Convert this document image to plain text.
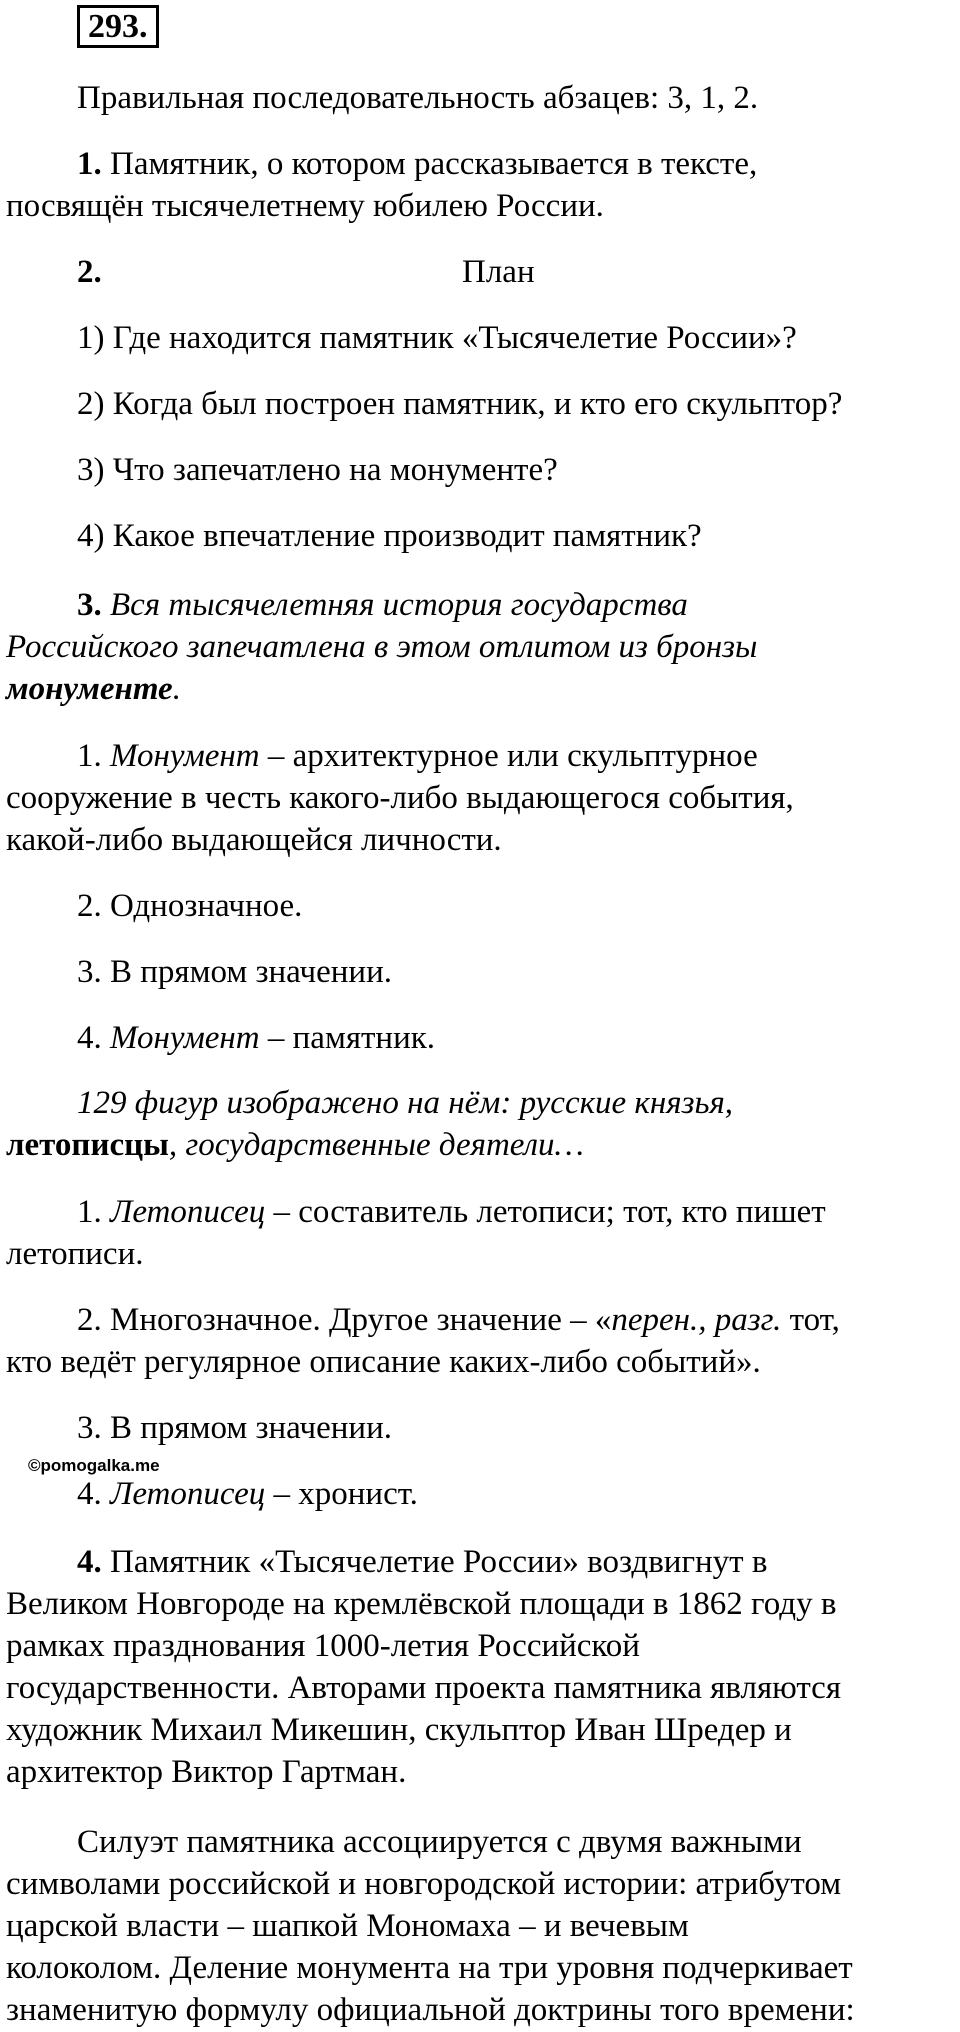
293.
Правильная последовательность абзацев: 3, 1, 2.
1. Памятник, о котором рассказывается в тексте,
посвящён тысячелетнему юбилею России.
2.	План
1) Где находится памятник «Тысячелетие России»?
2) Когда был построен памятник, и кто его скульптор?
3) Что запечатлено на монументе?
4) Какое впечатление производит памятник?
3. Вся тысячелетняя история государства
Российского запечатлена в этом отлитом из бронзы
монументе.
1. Монумент – архитектурное или скульптурное
сооружение в честь какого-либо выдающегося события,
какой-либо выдающейся личности.
2. Однозначное.
3. В прямом значении.
4. Монумент – памятник.
129 фигур изображено на нём: русские князья,
летописцы, государственные деятели…
1. Летописец – составитель летописи; тот, кто пишет
летописи.
2. Многозначное. Другое значение – «перен., разг. тот,
кто ведёт регулярное описание каких-либо событий».
3. В прямом значении.
©pomogalka.me
4. Летописец – хронист.
4. Памятник «Тысячелетие России» воздвигнут в
Великом Новгороде на кремлёвской площади в 1862 году в
рамках празднования 1000-летия Российской
государственности. Авторами проекта памятника являются
художник Михаил Микешин, скульптор Иван Шредер и
архитектор Виктор Гартман.
Силуэт памятника ассоциируется с двумя важными
символами российской и новгородской истории: атрибутом
царской власти – шапкой Мономаха – и вечевым
колоколом. Деление монумента на три уровня подчеркивает
знаменитую формулу официальной доктрины того времени:
